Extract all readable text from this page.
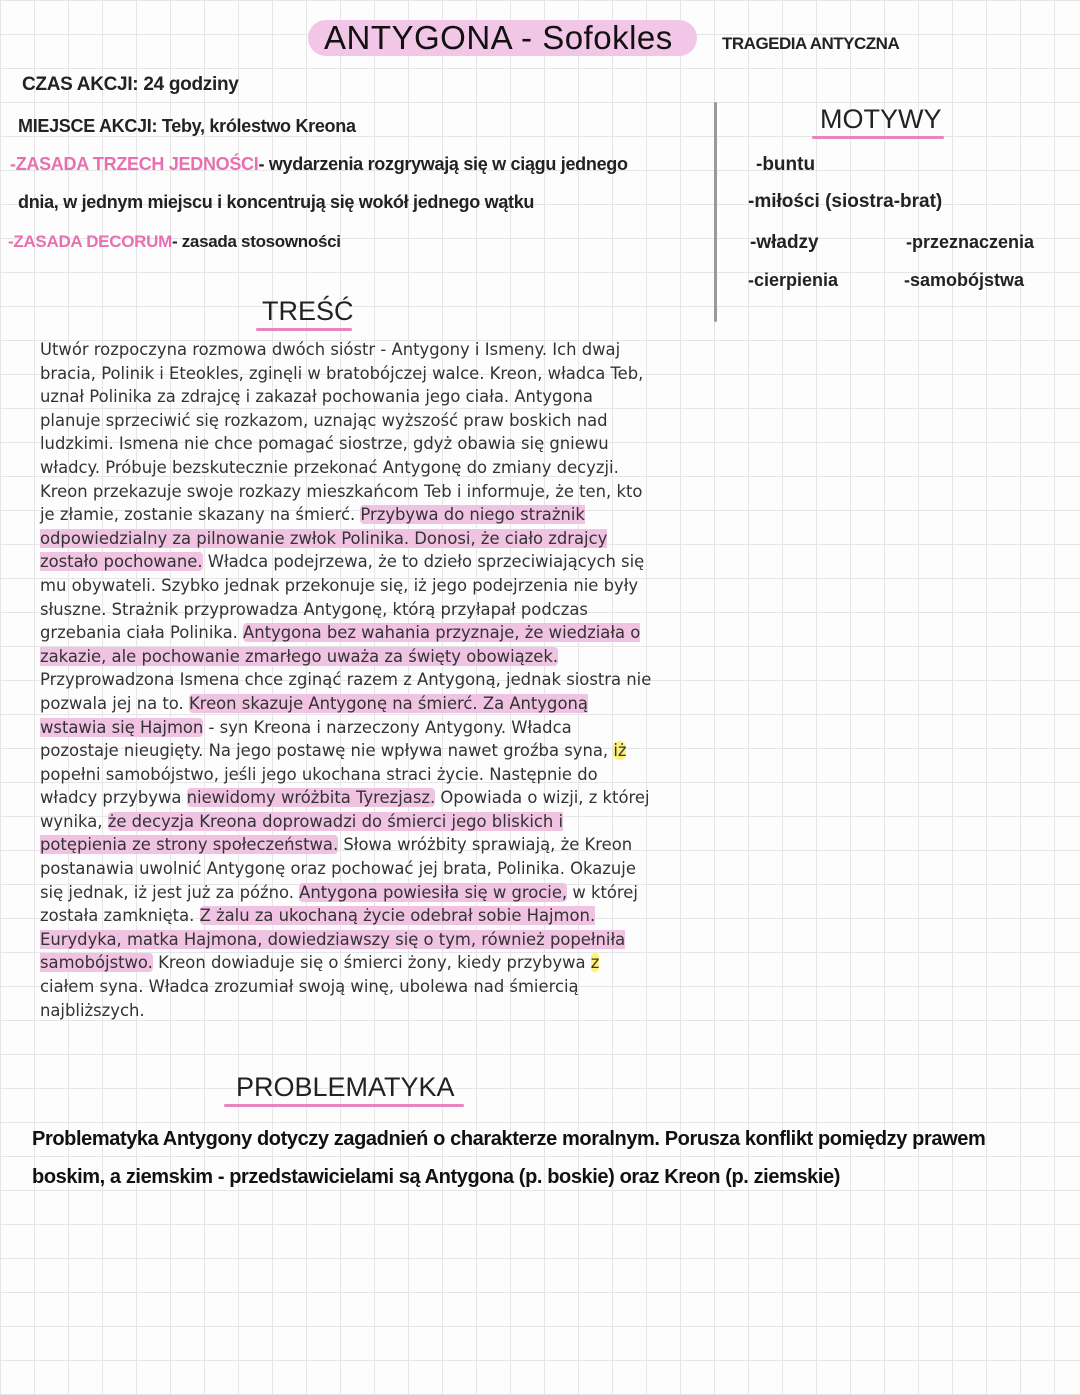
ANTYGONA - Sofokles	TRAGEDIA ANTYCZNA
CZAS AKCJI: 24 godziny
MIEJSCE AKCJI: Teby, królestwo Kreona
-ZASADA TRZECH JEDNOŚCI- wydarzenia rozgrywają się w ciągu jednego
dnia, w jednym miejscu i koncentrują się wokół jednego wątku
-ZASADA DECORUM- zasada stosowności
MOTYWY
-buntu
-miłości (siostra-brat)
-władzy	-przeznaczenia
-cierpienia	-samobójstwa
TREŚĆ
Utwór rozpoczyna rozmowa dwóch sióstr - Antygony i Ismeny. Ich dwaj bracia, Polinik i Eteokles, zginęli w bratobójczej walce. Kreon, władca Teb, uznał Polinika za zdrajcę i zakazał pochowania jego ciała. Antygona planuje sprzeciwić się rozkazom, uznając wyższość praw boskich nad ludzkimi. Ismena nie chce pomagać siostrze, gdyż obawia się gniewu władcy. Próbuje bezskutecznie przekonać Antygonę do zmiany decyzji. Kreon przekazuje swoje rozkazy mieszkańcom Teb i informuje, że ten, kto je złamie, zostanie skazany na śmierć. Przybywa do niego strażnik odpowiedzialny za pilnowanie zwłok Polinika. Donosi, że ciało zdrajcy zostało pochowane. Władca podejrzewa, że to dzieło sprzeciwiających się mu obywateli. Szybko jednak przekonuje się, iż jego podejrzenia nie były słuszne. Strażnik przyprowadza Antygonę, którą przyłapał podczas grzebania ciała Polinika. Antygona bez wahania przyznaje, że wiedziała o zakazie, ale pochowanie zmarłego uważa za święty obowiązek. Przyprowadzona Ismena chce zginąć razem z Antygoną, jednak siostra nie pozwala jej na to. Kreon skazuje Antygonę na śmierć. Za Antygoną wstawia się Hajmon - syn Kreona i narzeczony Antygony. Władca pozostaje nieugięty. Na jego postawę nie wpływa nawet groźba syna, iż popełni samobójstwo, jeśli jego ukochana straci życie. Następnie do władcy przybywa niewidomy wróżbita Tyrezjasz. Opowiada o wizji, z której wynika, że decyzja Kreona doprowadzi do śmierci jego bliskich i potępienia ze strony społeczeństwa. Słowa wróżbity sprawiają, że Kreon postanawia uwolnić Antygonę oraz pochować jej brata, Polinika. Okazuje się jednak, iż jest już za późno. Antygona powiesiła się w grocie, w której została zamknięta. Z żalu za ukochaną życie odebrał sobie Hajmon. Eurydyka, matka Hajmona, dowiedziawszy się o tym, również popełniła samobójstwo. Kreon dowiaduje się o śmierci żony, kiedy przybywa z ciałem syna. Władca zrozumiał swoją winę, ubolewa nad śmiercią najbliższych.
PROBLEMATYKA
Problematyka Antygony dotyczy zagadnień o charakterze moralnym. Porusza konflikt pomiędzy prawem boskim, a ziemskim - przedstawicielami są Antygona (p. boskie) oraz Kreon (p. ziemskie)
